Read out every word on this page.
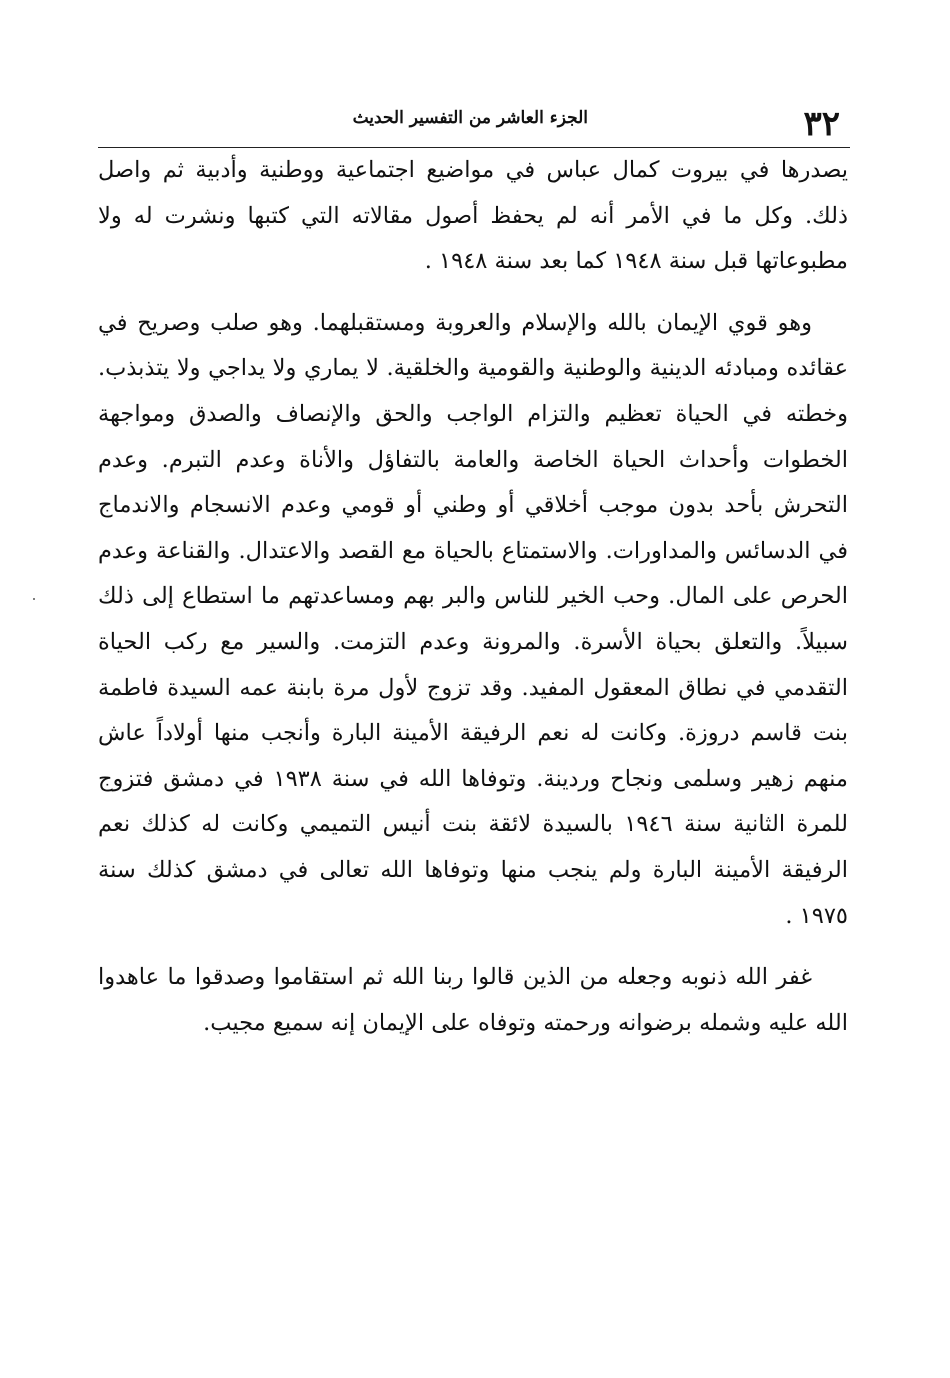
٣٢
الجزء العاشر من التفسير الحديث

يصدرها في بيروت كمال عباس في مواضيع اجتماعية ووطنية وأدبية ثم واصل ذلك. وكل ما في الأمر أنه لم يحفظ أصول مقالاته التي كتبها ونشرت له ولا مطبوعاتها قبل سنة ١٩٤٨ كما بعد سنة ١٩٤٨ .

وهو قوي الإيمان بالله والإسلام والعروبة ومستقبلهما. وهو صلب وصريح في عقائده ومبادئه الدينية والوطنية والقومية والخلقية. لا يماري ولا يداجي ولا يتذبذب. وخطته في الحياة تعظيم والتزام الواجب والحق والإنصاف والصدق ومواجهة الخطوات وأحداث الحياة الخاصة والعامة بالتفاؤل والأناة وعدم التبرم. وعدم التحرش بأحد بدون موجب أخلاقي أو وطني أو قومي وعدم الانسجام والاندماج في الدسائس والمداورات. والاستمتاع بالحياة مع القصد والاعتدال. والقناعة وعدم الحرص على المال. وحب الخير للناس والبر بهم ومساعدتهم ما استطاع إلى ذلك سبيلاً. والتعلق بحياة الأسرة. والمرونة وعدم التزمت. والسير مع ركب الحياة التقدمي في نطاق المعقول المفيد. وقد تزوج لأول مرة بابنة عمه السيدة فاطمة بنت قاسم دروزة. وكانت له نعم الرفيقة الأمينة البارة وأنجب منها أولاداً عاش منهم زهير وسلمى ونجاح وردينة. وتوفاها الله في سنة ١٩٣٨ في دمشق فتزوج للمرة الثانية سنة ١٩٤٦ بالسيدة لائقة بنت أنيس التميمي وكانت له كذلك نعم الرفيقة الأمينة البارة ولم ينجب منها وتوفاها الله تعالى في دمشق كذلك سنة ١٩٧٥ .

غفر الله ذنوبه وجعله من الذين قالوا ربنا الله ثم استقاموا وصدقوا ما عاهدوا الله عليه وشمله برضوانه ورحمته وتوفاه على الإيمان إنه سميع مجيب.
